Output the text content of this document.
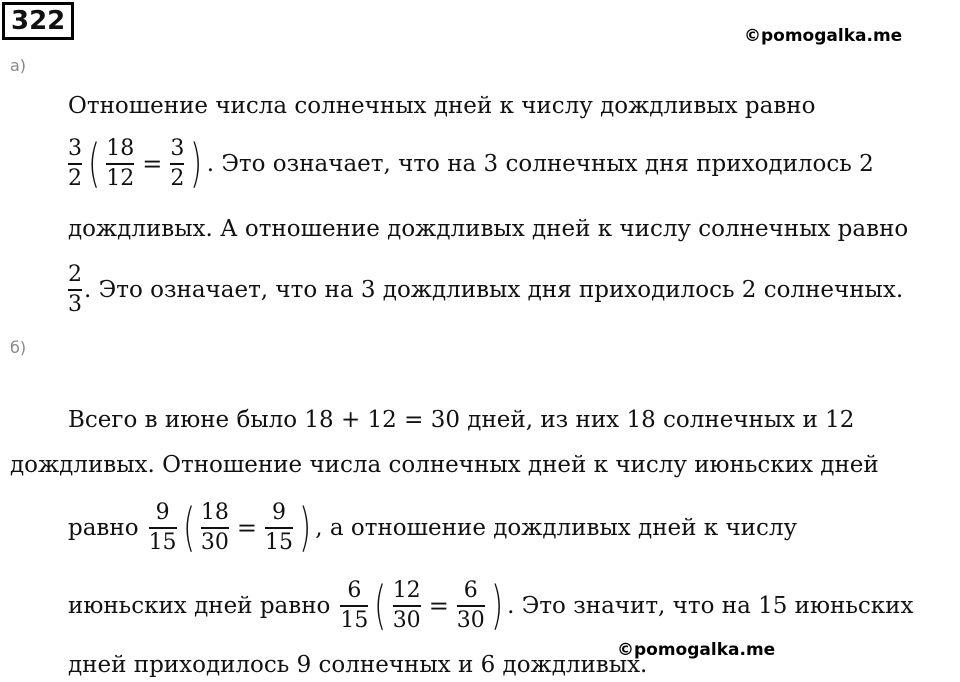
322	©pomogalka.me
а)
Отношение числа солнечных дней к числу дождливых равно
$\frac{3}{2}$ ( $\frac{18}{12} = \frac{3}{2}$ ) . Это означает, что на 3 солнечных дня приходилось 2
дождливых. А отношение дождливых дней к числу солнечных равно
$\frac{2}{3}$ . Это означает, что на 3 дождливых дня приходилось 2 солнечных.
б)
Всего в июне было 18 + 12 = 30 дней, из них 18 солнечных и 12
дождливых. Отношение числа солнечных дней к числу июньских дней
равно $\frac{9}{15}$ ( $\frac{18}{30} = \frac{9}{15}$ ) , а отношение дождливых дней к числу
июньских дней равно $\frac{6}{15}$ ( $\frac{12}{30} = \frac{6}{30}$ ) . Это значит, что на 15 июньских
дней приходилось 9 солнечных и 6 дождливых.
©pomogalka.me
